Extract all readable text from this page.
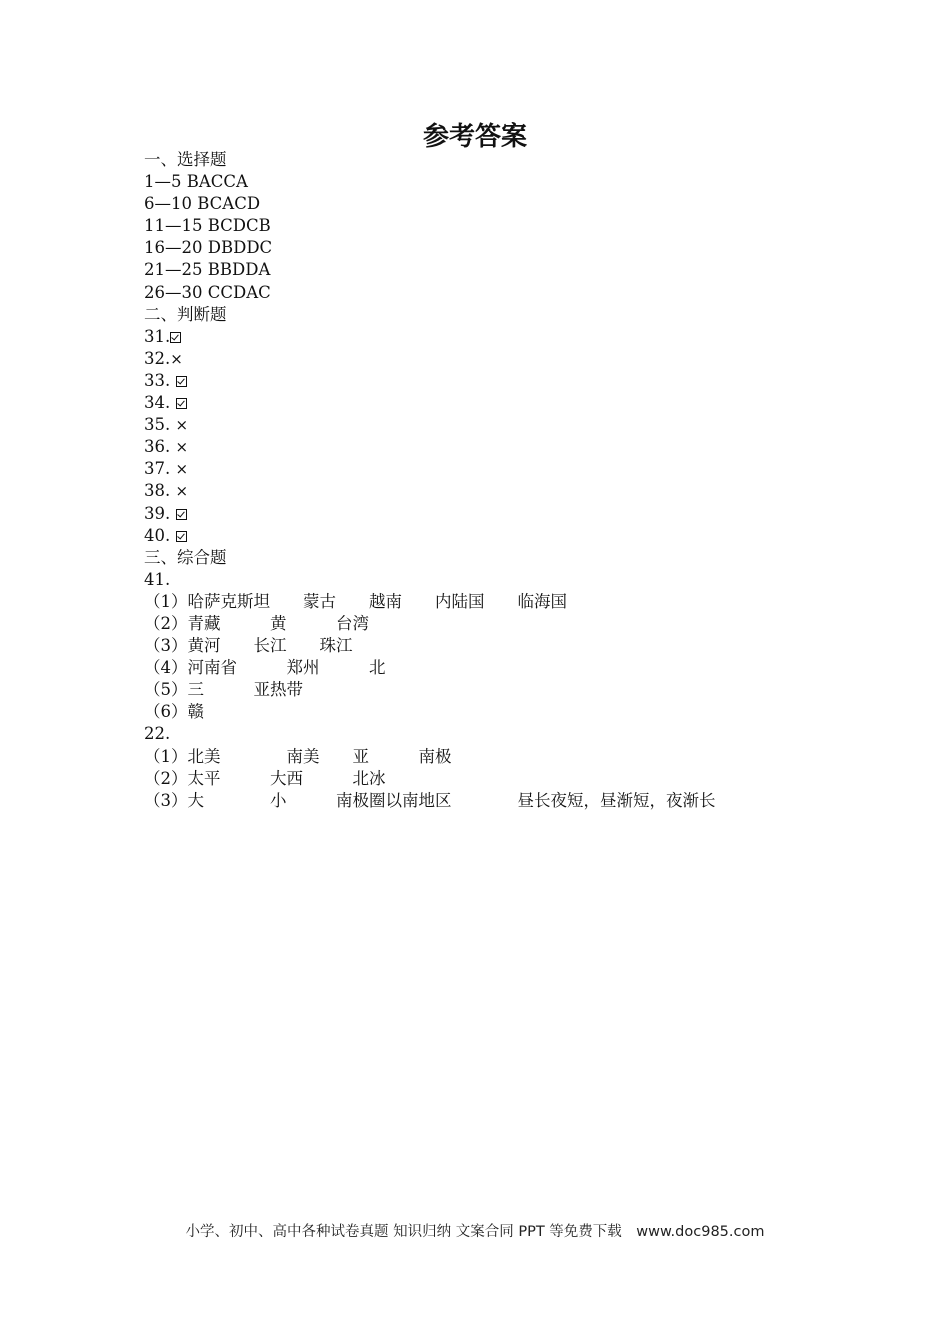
参考答案
一、选择题
1—5 BACCA
6—10 BCACD
11—15 BCDCB
16—20 DBDDC
21—25 BBDDA
26—30 CCDAC
二、判断题
31.
32.×
33.
34.
35. ×
36. ×
37. ×
38. ×
39.
40.
三、综合题
41.
（1）哈萨克斯坦　　蒙古　　越南　　内陆国　　临海国
（2）青藏　　　黄　　　台湾
（3）黄河　　长江　　珠江
（4）河南省　　　郑州　　　北
（5）三　　　亚热带
（6）赣
22.
（1）北美　　　　南美　　亚　　　南极
（2）太平　　　大西　　　北冰
（3）大　　　　小　　　南极圈以南地区　　　　昼长夜短，昼渐短，夜渐长
小学、初中、高中各种试卷真题 知识归纳 文案合同 PPT 等免费下载　www.doc985.com
